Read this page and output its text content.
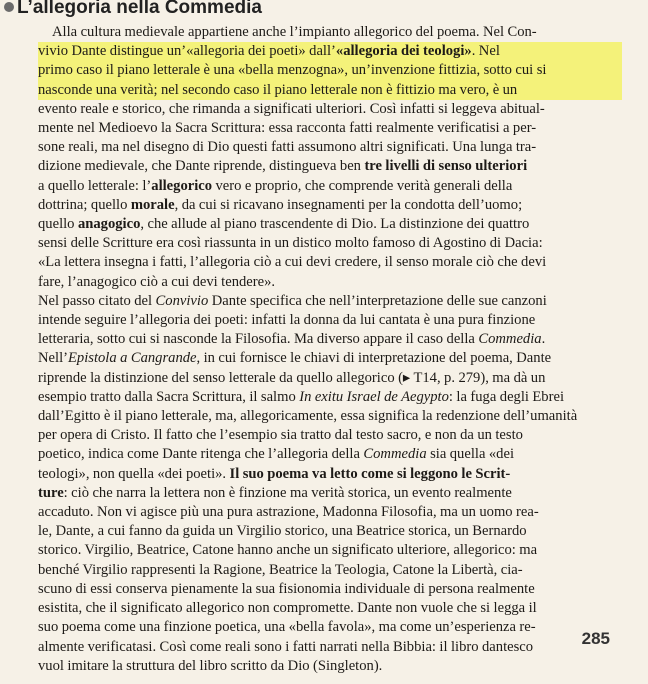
L’allegoria nella Commedia
Alla cultura medievale appartiene anche l’impianto allegorico del poema. Nel Con-
vivio Dante distingue un’«allegoria dei poeti» dall’«allegoria dei teologi». Nel
primo caso il piano letterale è una «bella menzogna», un’invenzione fittizia, sotto cui si
nasconde una verità; nel secondo caso il piano letterale non è fittizio ma vero, è un
evento reale e storico, che rimanda a significati ulteriori. Così infatti si leggeva abitual-
mente nel Medioevo la Sacra Scrittura: essa racconta fatti realmente verificatisi a per-
sone reali, ma nel disegno di Dio questi fatti assumono altri significati. Una lunga tra-
dizione medievale, che Dante riprende, distingueva ben tre livelli di senso ulteriori
a quello letterale: l’allegorico vero e proprio, che comprende verità generali della
dottrina; quello morale, da cui si ricavano insegnamenti per la condotta dell’uomo;
quello anagogico, che allude al piano trascendente di Dio. La distinzione dei quattro
sensi delle Scritture era così riassunta in un distico molto famoso di Agostino di Dacia:
«La lettera insegna i fatti, l’allegoria ciò a cui devi credere, il senso morale ciò che devi
fare, l’anagogico ciò a cui devi tendere».
Nel passo citato del Convivio Dante specifica che nell’interpretazione delle sue canzoni
intende seguire l’allegoria dei poeti: infatti la donna da lui cantata è una pura finzione
letteraria, sotto cui si nasconde la Filosofia. Ma diverso appare il caso della Commedia.
Nell’Epistola a Cangrande, in cui fornisce le chiavi di interpretazione del poema, Dante
riprende la distinzione del senso letterale da quello allegorico (▸ T14, p. 279), ma dà un
esempio tratto dalla Sacra Scrittura, il salmo In exitu Israel de Aegypto: la fuga degli Ebrei
dall’Egitto è il piano letterale, ma, allegoricamente, essa significa la redenzione dell’umanità
per opera di Cristo. Il fatto che l’esempio sia tratto dal testo sacro, e non da un testo
poetico, indica come Dante ritenga che l’allegoria della Commedia sia quella «dei
teologi», non quella «dei poeti». Il suo poema va letto come si leggono le Scrit-
ture: ciò che narra la lettera non è finzione ma verità storica, un evento realmente
accaduto. Non vi agisce più una pura astrazione, Madonna Filosofia, ma un uomo rea-
le, Dante, a cui fanno da guida un Virgilio storico, una Beatrice storica, un Bernardo
storico. Virgilio, Beatrice, Catone hanno anche un significato ulteriore, allegorico: ma
benché Virgilio rappresenti la Ragione, Beatrice la Teologia, Catone la Libertà, cia-
scuno di essi conserva pienamente la sua fisionomia individuale di persona realmente
esistita, che il significato allegorico non compromette. Dante non vuole che si legga il
suo poema come una finzione poetica, una «bella favola», ma come un’esperienza re-
almente verificatasi. Così come reali sono i fatti narrati nella Bibbia: il libro dantesco
vuol imitare la struttura del libro scritto da Dio (Singleton).
285
